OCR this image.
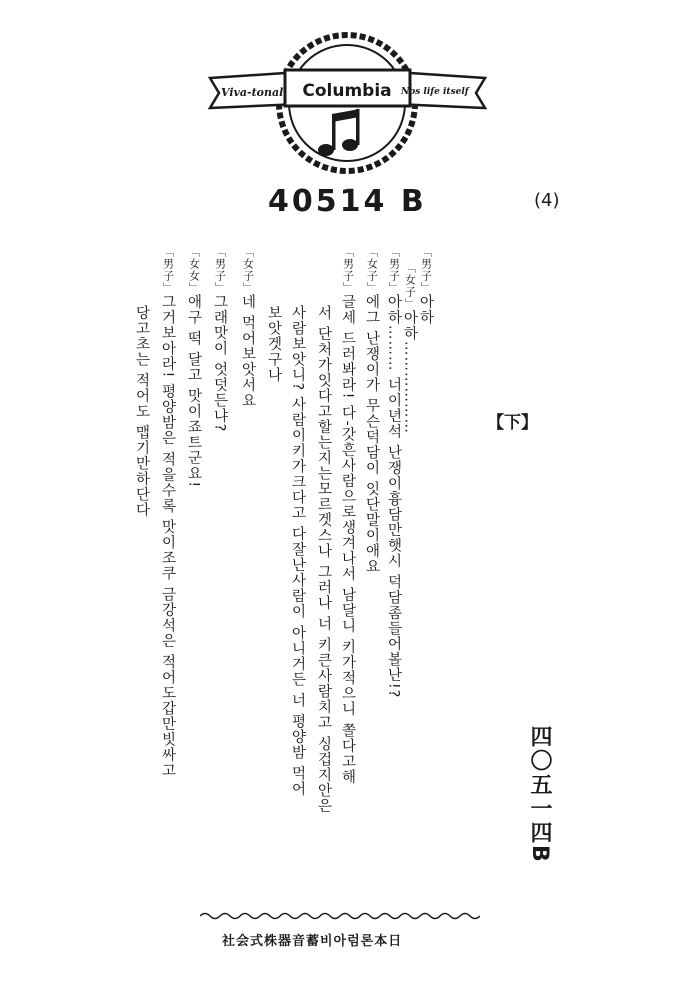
Viva-tonal Columbia Nos life itself
40514 B	(4)
【下】
四〇五一四B
「男子」아하
「女子」아하………………
「男子」아하……… 너이년석 난쟁이흉담만햇시 덕담좀들어볼난!?
「女子」에그 난쟁이가 무슨덕담이 잇단말이애요
「男子」글세 드러봐라! 다-갓흔사람으로생겨나서 남달니 키가적으니 쫄다고해
서 단처가잇다고할는지는모르겟스나 그러나 너 키큰사람치고 싱겁지안은
사람보앗니? 사람이키가크다고 다잘난사람이 아니거든 너 평양밤 먹어
보앗겟구나
「女子」네 먹어보앗서요
「男子」그래맛이 엇덧든냐?
「女女」애구 떡 달고 맛이죠트군요!
「男子」그거보아라! 평양밤은 적을수록 맛이조쿠 금강석은 적어도갑만빗싸고
당고초는 적어도 맵기만하단다
社会式株器音蓄비아럼론本日
